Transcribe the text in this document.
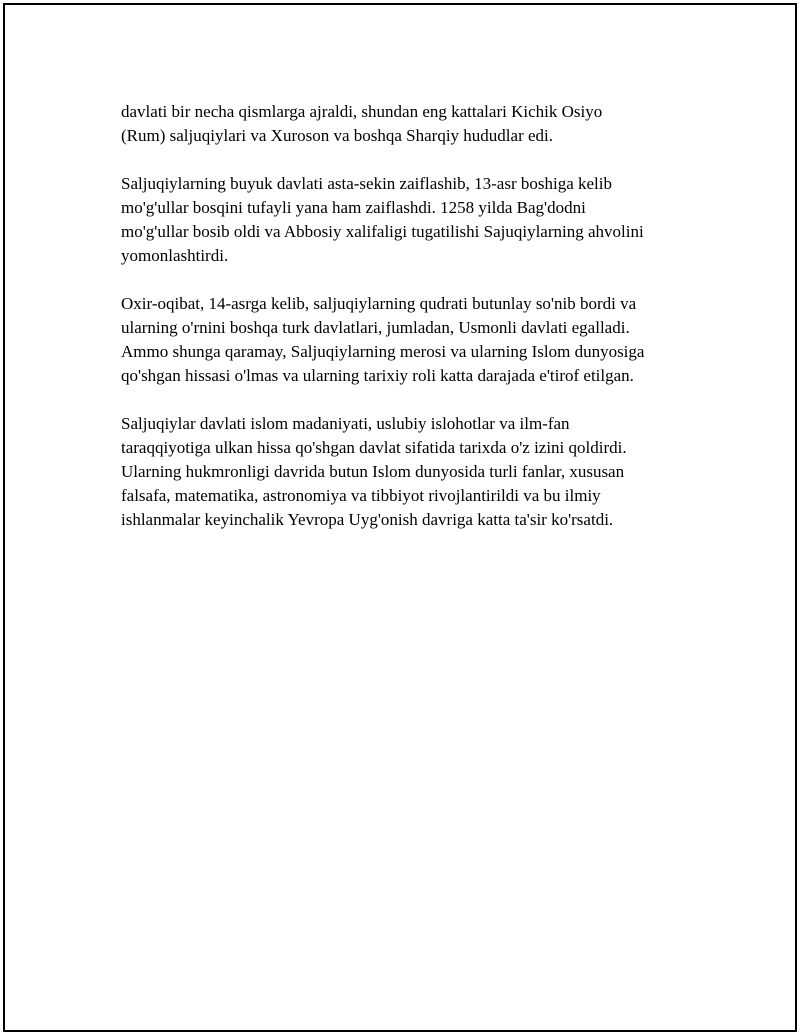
davlati bir necha qismlarga ajraldi, shundan eng kattalari Kichik Osiyo
(Rum) saljuqiylari va Xuroson va boshqa Sharqiy hududlar edi.
Saljuqiylarning buyuk davlati asta-sekin zaiflashib, 13-asr boshiga kelib
mo'g'ullar bosqini tufayli yana ham zaiflashdi. 1258 yilda Bag'dodni
mo'g'ullar bosib oldi va Abbosiy xalifaligi tugatilishi Sajuqiylarning ahvolini
yomonlashtirdi.
Oxir-oqibat, 14-asrga kelib, saljuqiylarning qudrati butunlay so'nib bordi va
ularning o'rnini boshqa turk davlatlari, jumladan, Usmonli davlati egalladi.
Ammo shunga qaramay, Saljuqiylarning merosi va ularning Islom dunyosiga
qo'shgan hissasi o'lmas va ularning tarixiy roli katta darajada e'tirof etilgan.
Saljuqiylar davlati islom madaniyati, uslubiy islohotlar va ilm-fan
taraqqiyotiga ulkan hissa qo'shgan davlat sifatida tarixda o'z izini qoldirdi.
Ularning hukmronligi davrida butun Islom dunyosida turli fanlar, xususan
falsafa, matematika, astronomiya va tibbiyot rivojlantirildi va bu ilmiy
ishlanmalar keyinchalik Yevropa Uyg'onish davriga katta ta'sir ko'rsatdi.
